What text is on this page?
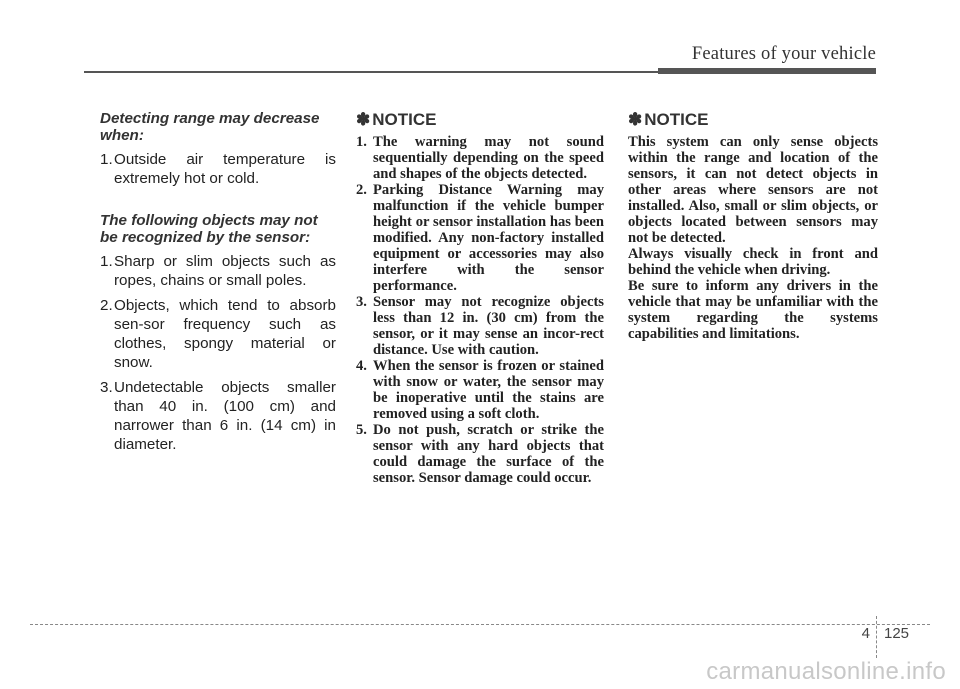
Features of your vehicle
Detecting range may decrease when:
1. Outside air temperature is extremely hot or cold.
The following objects may not be recognized by the sensor:
1. Sharp or slim objects such as ropes, chains or small poles.
2. Objects, which tend to absorb sen-sor frequency such as clothes, spongy material or snow.
3. Undetectable objects smaller than 40 in. (100 cm) and narrower than 6 in. (14 cm) in diameter.
✽ NOTICE
1. The warning may not sound sequentially depending on the speed and shapes of the objects detected.
2. Parking Distance Warning may malfunction if the vehicle bumper height or sensor installation has been modified. Any non-factory installed equipment or accessories may also interfere with the sensor performance.
3. Sensor may not recognize objects less than 12 in. (30 cm) from the sensor, or it may sense an incor-rect distance. Use with caution.
4. When the sensor is frozen or stained with snow or water, the sensor may be inoperative until the stains are removed using a soft cloth.
5. Do not push, scratch or strike the sensor with any hard objects that could damage the surface of the sensor. Sensor damage could occur.
✽ NOTICE

This system can only sense objects within the range and location of the sensors, it can not detect objects in other areas where sensors are not installed. Also, small or slim objects, or objects located between sensors may not be detected.

Always visually check in front and behind the vehicle when driving.

Be sure to inform any drivers in the vehicle that may be unfamiliar with the system regarding the systems capabilities and limitations.

4 125
carmanualsonline.info
